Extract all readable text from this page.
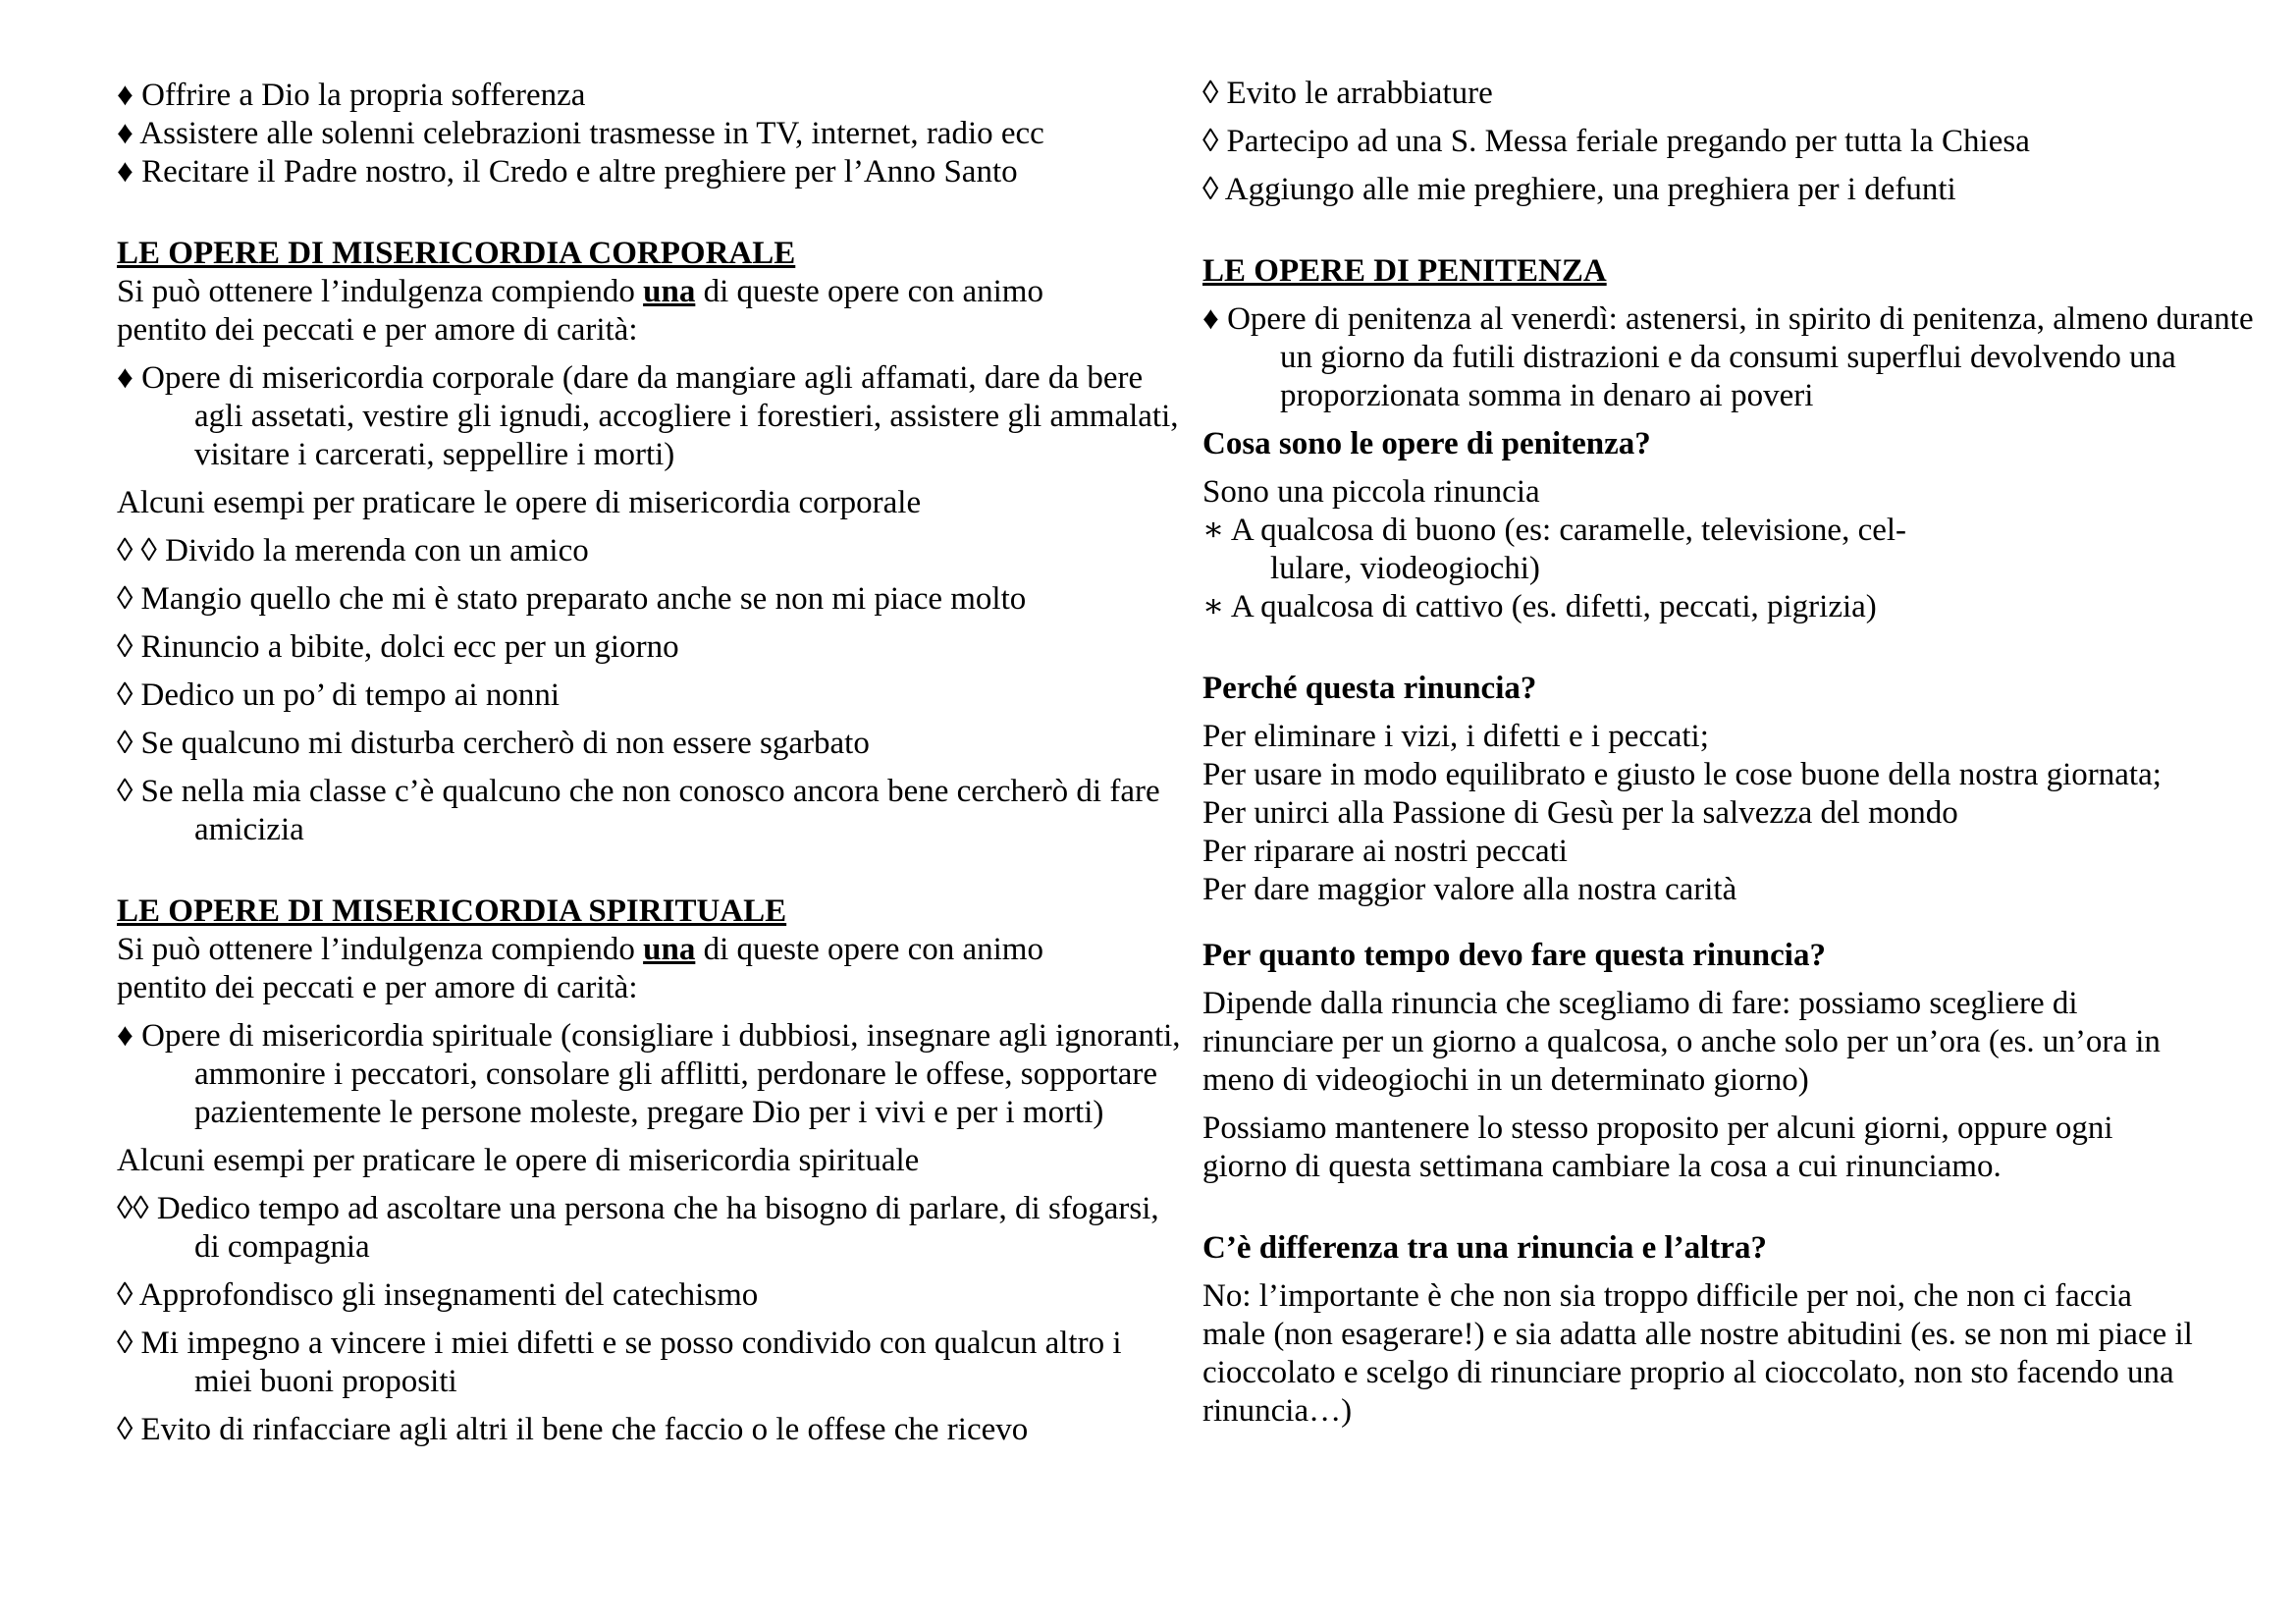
♦ Offrire a Dio la propria sofferenza
♦ Assistere alle solenni celebrazioni trasmesse in TV, internet, radio ecc
♦ Recitare il Padre nostro, il Credo e altre preghiere per l’Anno Santo
LE OPERE DI MISERICORDIA CORPORALE
Si può ottenere l’indulgenza compiendo una di queste opere con animo pentito dei peccati e per amore di carità:
♦ Opere di misericordia corporale (dare da mangiare agli affamati, dare da bere agli assetati, vestire gli ignudi, accogliere i forestieri, assistere gli ammalati, visitare i carcerati, seppellire i morti)
Alcuni esempi per praticare le opere di misericordia corporale
◊ ◊ Divido la merenda con un amico
◊ Mangio quello che mi è stato preparato anche se non mi piace molto
◊ Rinuncio a bibite, dolci ecc per un giorno
◊ Dedico un po’ di tempo ai nonni
◊ Se qualcuno mi disturba cercherò di non essere sgarbato
◊ Se nella mia classe c’è qualcuno che non conosco ancora bene cercherò di fare amicizia
LE OPERE DI MISERICORDIA SPIRITUALE
Si può ottenere l’indulgenza compiendo una di queste opere con animo pentito dei peccati e per amore di carità:
♦ Opere di misericordia spirituale (consigliare i dubbiosi, insegnare agli ignoranti, ammonire i peccatori, consolare gli afflitti, perdonare le offese, sopportare pazientemente le persone moleste, pregare Dio per i vivi e per i morti)
Alcuni esempi per praticare le opere di misericordia spirituale
◊◊ Dedico tempo ad ascoltare una persona che ha bisogno di parlare, di sfogarsi, di compagnia
◊ Approfondisco gli insegnamenti del catechismo
◊ Mi impegno a vincere i miei difetti e se posso condivido con qualcun altro i miei buoni propositi
◊ Evito di rinfacciare agli altri il bene che faccio o le offese che ricevo
◊ Evito le arrabbiature
◊ Partecipo ad una S. Messa feriale pregando per tutta la Chiesa
◊ Aggiungo alle mie preghiere, una preghiera per i defunti
LE OPERE DI PENITENZA
♦ Opere di penitenza al venerdì: astenersi, in spirito di penitenza, almeno durante un giorno da futili distrazioni e da consumi superflui devolvendo una proporzionata somma in denaro ai poveri
Cosa sono le opere di penitenza?
Sono una piccola rinuncia
∗ A qualcosa di buono (es: caramelle, televisione, cel-lulare, viodeogiochi)
∗ A qualcosa di cattivo (es. difetti, peccati, pigrizia)
Perché questa rinuncia?
Per eliminare i vizi, i difetti e i peccati;
Per usare in modo equilibrato e giusto le cose buone della nostra giornata;
Per unirci alla Passione di Gesù per la salvezza del mondo
Per riparare ai nostri peccati
Per dare maggior valore alla nostra carità
Per quanto tempo devo fare questa rinuncia?
Dipende dalla rinuncia che scegliamo di fare: possiamo scegliere di rinunciare per un giorno a qualcosa, o anche solo per un’ora (es. un’ora in meno di videogiochi in un determinato giorno)
Possiamo mantenere lo stesso proposito per alcuni giorni, oppure ogni giorno di questa settimana cambiare la cosa a cui rinunciamo.
C’è differenza tra una rinuncia e l’altra?
No: l’importante è che non sia troppo difficile per noi, che non ci faccia male (non esagerare!) e sia adatta alle nostre abitudini (es. se non mi piace il cioccolato e scelgo di rinunciare proprio al cioccolato, non sto facendo una rinuncia…)
